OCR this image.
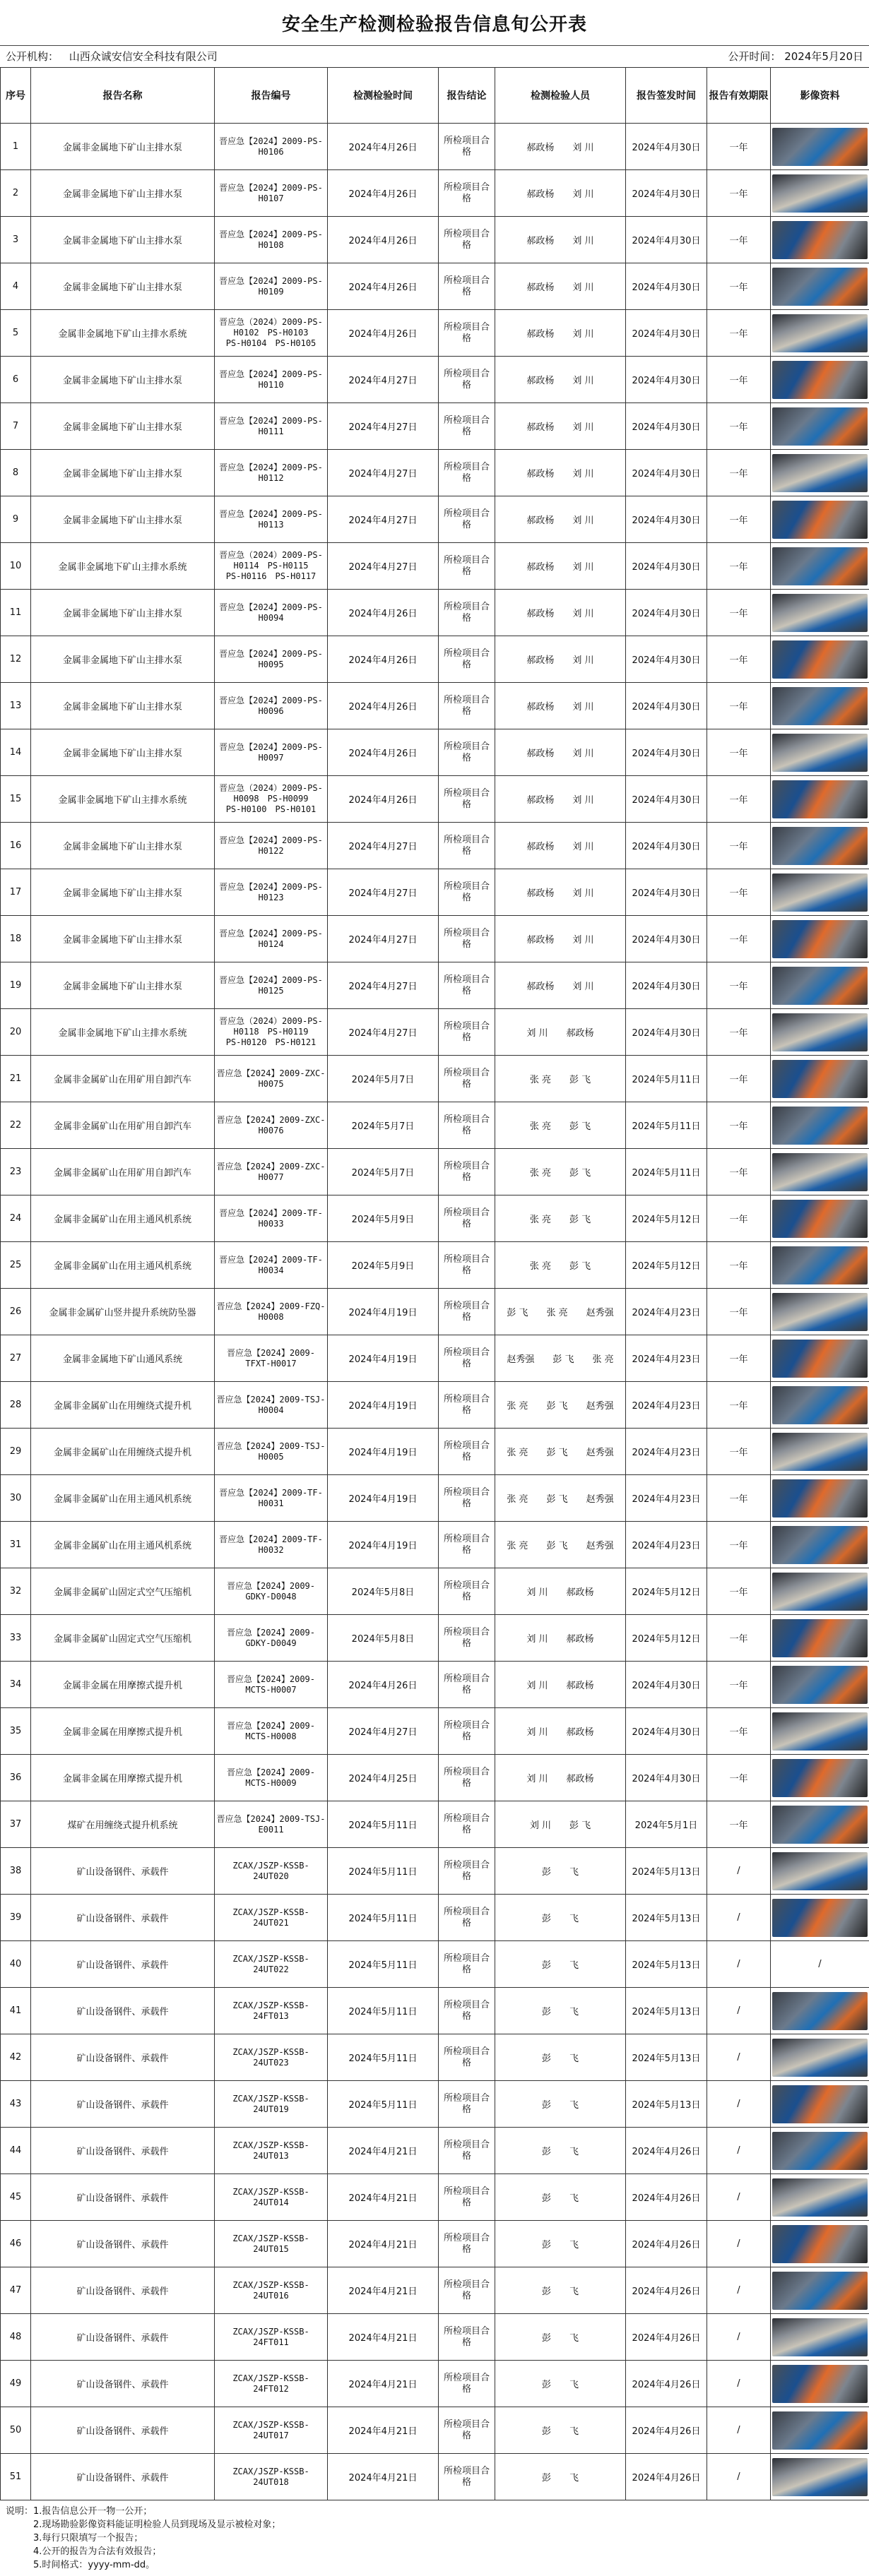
安全生产检测检验报告信息旬公开表
公开机构： 山西众诚安信安全科技有限公司	公开时间： 2024年5月20日
序号	报告名称	报告编号	检测检验时间	报告结论	检测检验人员	报告签发时间	报告有效期限	影像资料
1	金属非金属地下矿山主排水泵	晋应急【2024】2009-PS-H0106	2024年4月26日	所检项目合格	郝政杨　　刘 川	2024年4月30日	一年	

2	金属非金属地下矿山主排水泵	晋应急【2024】2009-PS-H0107	2024年4月26日	所检项目合格	郝政杨　　刘 川	2024年4月30日	一年	

3	金属非金属地下矿山主排水泵	晋应急【2024】2009-PS-H0108	2024年4月26日	所检项目合格	郝政杨　　刘 川	2024年4月30日	一年	

4	金属非金属地下矿山主排水泵	晋应急【2024】2009-PS-H0109	2024年4月26日	所检项目合格	郝政杨　　刘 川	2024年4月30日	一年	

5	金属非金属地下矿山主排水系统	晋应急（2024）2009-PS-H0102　PS-H0103
PS-H0104　PS-H0105	2024年4月26日	所检项目合格	郝政杨　　刘 川	2024年4月30日	一年	

6	金属非金属地下矿山主排水泵	晋应急【2024】2009-PS-H0110	2024年4月27日	所检项目合格	郝政杨　　刘 川	2024年4月30日	一年	

7	金属非金属地下矿山主排水泵	晋应急【2024】2009-PS-H0111	2024年4月27日	所检项目合格	郝政杨　　刘 川	2024年4月30日	一年	

8	金属非金属地下矿山主排水泵	晋应急【2024】2009-PS-H0112	2024年4月27日	所检项目合格	郝政杨　　刘 川	2024年4月30日	一年	

9	金属非金属地下矿山主排水泵	晋应急【2024】2009-PS-H0113	2024年4月27日	所检项目合格	郝政杨　　刘 川	2024年4月30日	一年	

10	金属非金属地下矿山主排水系统	晋应急（2024）2009-PS-H0114　PS-H0115
PS-H0116　PS-H0117	2024年4月27日	所检项目合格	郝政杨　　刘 川	2024年4月30日	一年	

11	金属非金属地下矿山主排水泵	晋应急【2024】2009-PS-H0094	2024年4月26日	所检项目合格	郝政杨　　刘 川	2024年4月30日	一年	

12	金属非金属地下矿山主排水泵	晋应急【2024】2009-PS-H0095	2024年4月26日	所检项目合格	郝政杨　　刘 川	2024年4月30日	一年	

13	金属非金属地下矿山主排水泵	晋应急【2024】2009-PS-H0096	2024年4月26日	所检项目合格	郝政杨　　刘 川	2024年4月30日	一年	

14	金属非金属地下矿山主排水泵	晋应急【2024】2009-PS-H0097	2024年4月26日	所检项目合格	郝政杨　　刘 川	2024年4月30日	一年	

15	金属非金属地下矿山主排水系统	晋应急（2024）2009-PS-H0098　PS-H0099
PS-H0100　PS-H0101	2024年4月26日	所检项目合格	郝政杨　　刘 川	2024年4月30日	一年	

16	金属非金属地下矿山主排水泵	晋应急【2024】2009-PS-H0122	2024年4月27日	所检项目合格	郝政杨　　刘 川	2024年4月30日	一年	

17	金属非金属地下矿山主排水泵	晋应急【2024】2009-PS-H0123	2024年4月27日	所检项目合格	郝政杨　　刘 川	2024年4月30日	一年	

18	金属非金属地下矿山主排水泵	晋应急【2024】2009-PS-H0124	2024年4月27日	所检项目合格	郝政杨　　刘 川	2024年4月30日	一年	

19	金属非金属地下矿山主排水泵	晋应急【2024】2009-PS-H0125	2024年4月27日	所检项目合格	郝政杨　　刘 川	2024年4月30日	一年	

20	金属非金属地下矿山主排水系统	晋应急（2024）2009-PS-H0118　PS-H0119
PS-H0120　PS-H0121	2024年4月27日	所检项目合格	刘 川　　郝政杨	2024年4月30日	一年	

21	金属非金属矿山在用矿用自卸汽车	晋应急【2024】2009-ZXC-H0075	2024年5月7日	所检项目合格	张 亮　　彭 飞	2024年5月11日	一年	

22	金属非金属矿山在用矿用自卸汽车	晋应急【2024】2009-ZXC-H0076	2024年5月7日	所检项目合格	张 亮　　彭 飞	2024年5月11日	一年	

23	金属非金属矿山在用矿用自卸汽车	晋应急【2024】2009-ZXC-H0077	2024年5月7日	所检项目合格	张 亮　　彭 飞	2024年5月11日	一年	

24	金属非金属矿山在用主通风机系统	晋应急【2024】2009-TF-H0033	2024年5月9日	所检项目合格	张 亮　　彭 飞	2024年5月12日	一年	

25	金属非金属矿山在用主通风机系统	晋应急【2024】2009-TF-H0034	2024年5月9日	所检项目合格	张 亮　　彭 飞	2024年5月12日	一年	

26	金属非金属矿山竖井提升系统防坠器	晋应急【2024】2009-FZQ-H0008	2024年4月19日	所检项目合格	彭 飞　　张 亮　　赵秀强	2024年4月23日	一年	

27	金属非金属地下矿山通风系统	晋应急【2024】2009-TFXT-H0017	2024年4月19日	所检项目合格	赵秀强　　彭 飞　　张 亮	2024年4月23日	一年	

28	金属非金属矿山在用缠绕式提升机	晋应急【2024】2009-TSJ-H0004	2024年4月19日	所检项目合格	张 亮　　彭 飞　　赵秀强	2024年4月23日	一年	

29	金属非金属矿山在用缠绕式提升机	晋应急【2024】2009-TSJ-H0005	2024年4月19日	所检项目合格	张 亮　　彭 飞　　赵秀强	2024年4月23日	一年	

30	金属非金属矿山在用主通风机系统	晋应急【2024】2009-TF-H0031	2024年4月19日	所检项目合格	张 亮　　彭 飞　　赵秀强	2024年4月23日	一年	

31	金属非金属矿山在用主通风机系统	晋应急【2024】2009-TF-H0032	2024年4月19日	所检项目合格	张 亮　　彭 飞　　赵秀强	2024年4月23日	一年	

32	金属非金属矿山固定式空气压缩机	晋应急【2024】2009-GDKY-D0048	2024年5月8日	所检项目合格	刘 川　　郝政杨	2024年5月12日	一年	

33	金属非金属矿山固定式空气压缩机	晋应急【2024】2009-GDKY-D0049	2024年5月8日	所检项目合格	刘 川　　郝政杨	2024年5月12日	一年	

34	金属非金属在用摩擦式提升机	晋应急【2024】2009-MCTS-H0007	2024年4月26日	所检项目合格	刘 川　　郝政杨	2024年4月30日	一年	

35	金属非金属在用摩擦式提升机	晋应急【2024】2009-MCTS-H0008	2024年4月27日	所检项目合格	刘 川　　郝政杨	2024年4月30日	一年	

36	金属非金属在用摩擦式提升机	晋应急【2024】2009-MCTS-H0009	2024年4月25日	所检项目合格	刘 川　　郝政杨	2024年4月30日	一年	

37	煤矿在用缠绕式提升机系统	晋应急【2024】2009-TSJ-E0011	2024年5月11日	所检项目合格	刘 川　　彭 飞	2024年5月1日	一年	

38	矿山设备钢件、承载件	ZCAX/JSZP-KSSB-24UT020	2024年5月11日	所检项目合格	彭　　飞	2024年5月13日	/	

39	矿山设备钢件、承载件	ZCAX/JSZP-KSSB-24UT021	2024年5月11日	所检项目合格	彭　　飞	2024年5月13日	/	

40	矿山设备钢件、承载件	ZCAX/JSZP-KSSB-24UT022	2024年5月11日	所检项目合格	彭　　飞	2024年5月13日	/	/
41	矿山设备钢件、承载件	ZCAX/JSZP-KSSB-24FT013	2024年5月11日	所检项目合格	彭　　飞	2024年5月13日	/	

42	矿山设备钢件、承载件	ZCAX/JSZP-KSSB-24UT023	2024年5月11日	所检项目合格	彭　　飞	2024年5月13日	/	

43	矿山设备钢件、承载件	ZCAX/JSZP-KSSB-24UT019	2024年5月11日	所检项目合格	彭　　飞	2024年5月13日	/	

44	矿山设备钢件、承载件	ZCAX/JSZP-KSSB-24UT013	2024年4月21日	所检项目合格	彭　　飞	2024年4月26日	/	

45	矿山设备钢件、承载件	ZCAX/JSZP-KSSB-24UT014	2024年4月21日	所检项目合格	彭　　飞	2024年4月26日	/	

46	矿山设备钢件、承载件	ZCAX/JSZP-KSSB-24UT015	2024年4月21日	所检项目合格	彭　　飞	2024年4月26日	/	

47	矿山设备钢件、承载件	ZCAX/JSZP-KSSB-24UT016	2024年4月21日	所检项目合格	彭　　飞	2024年4月26日	/	

48	矿山设备钢件、承载件	ZCAX/JSZP-KSSB-24FT011	2024年4月21日	所检项目合格	彭　　飞	2024年4月26日	/	

49	矿山设备钢件、承载件	ZCAX/JSZP-KSSB-24FT012	2024年4月21日	所检项目合格	彭　　飞	2024年4月26日	/	

50	矿山设备钢件、承载件	ZCAX/JSZP-KSSB-24UT017	2024年4月21日	所检项目合格	彭　　飞	2024年4月26日	/	

51	矿山设备钢件、承载件	ZCAX/JSZP-KSSB-24UT018	2024年4月21日	所检项目合格	彭　　飞	2024年4月26日	/	
说明：1.报告信息公开一物一公开；
　　　2.现场勘验影像资料能证明检验人员到现场及显示被检对象；
　　　3.每行只限填写一个报告；
　　　4.公开的报告为合法有效报告；
　　　5.时间格式：yyyy-mm-dd。
